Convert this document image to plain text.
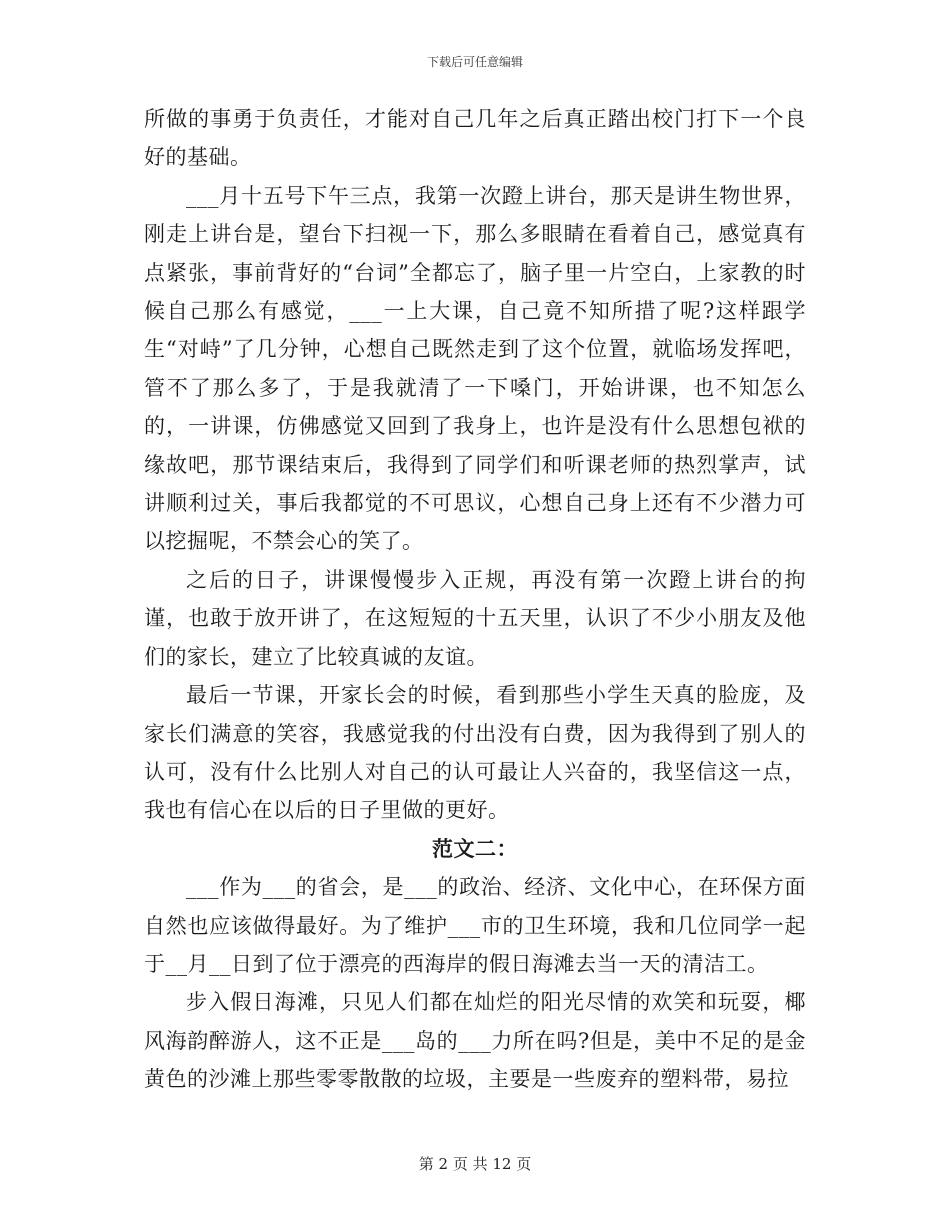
下载后可任意编辑

所做的事勇于负责任，才能对自己几年之后真正踏出校门打下一个良好的基础。

___月十五号下午三点，我第一次蹬上讲台，那天是讲生物世界，刚走上讲台是，望台下扫视一下，那么多眼睛在看着自己，感觉真有点紧张，事前背好的“台词”全都忘了，脑子里一片空白，上家教的时候自己那么有感觉，___一上大课，自己竟不知所措了呢?这样跟学生“对峙”了几分钟，心想自己既然走到了这个位置，就临场发挥吧，管不了那么多了，于是我就清了一下嗓门，开始讲课，也不知怎么的，一讲课，仿佛感觉又回到了我身上，也许是没有什么思想包袱的缘故吧，那节课结束后，我得到了同学们和听课老师的热烈掌声，试讲顺利过关，事后我都觉的不可思议，心想自己身上还有不少潜力可以挖掘呢，不禁会心的笑了。

之后的日子，讲课慢慢步入正规，再没有第一次蹬上讲台的拘谨，也敢于放开讲了，在这短短的十五天里，认识了不少小朋友及他们的家长，建立了比较真诚的友谊。

最后一节课，开家长会的时候，看到那些小学生天真的脸庞，及家长们满意的笑容，我感觉我的付出没有白费，因为我得到了别人的认可，没有什么比别人对自己的认可最让人兴奋的，我坚信这一点，我也有信心在以后的日子里做的更好。

范文二：

___作为___的省会，是___的政治、经济、文化中心，在环保方面自然也应该做得最好。为了维护___市的卫生环境，我和几位同学一起于__月__日到了位于漂亮的西海岸的假日海滩去当一天的清洁工。

步入假日海滩，只见人们都在灿烂的阳光尽情的欢笑和玩耍，椰风海韵醉游人，这不正是___岛的___力所在吗?但是，美中不足的是金黄色的沙滩上那些零零散散的垃圾，主要是一些废弃的塑料带，易拉

第 2 页 共 12 页
